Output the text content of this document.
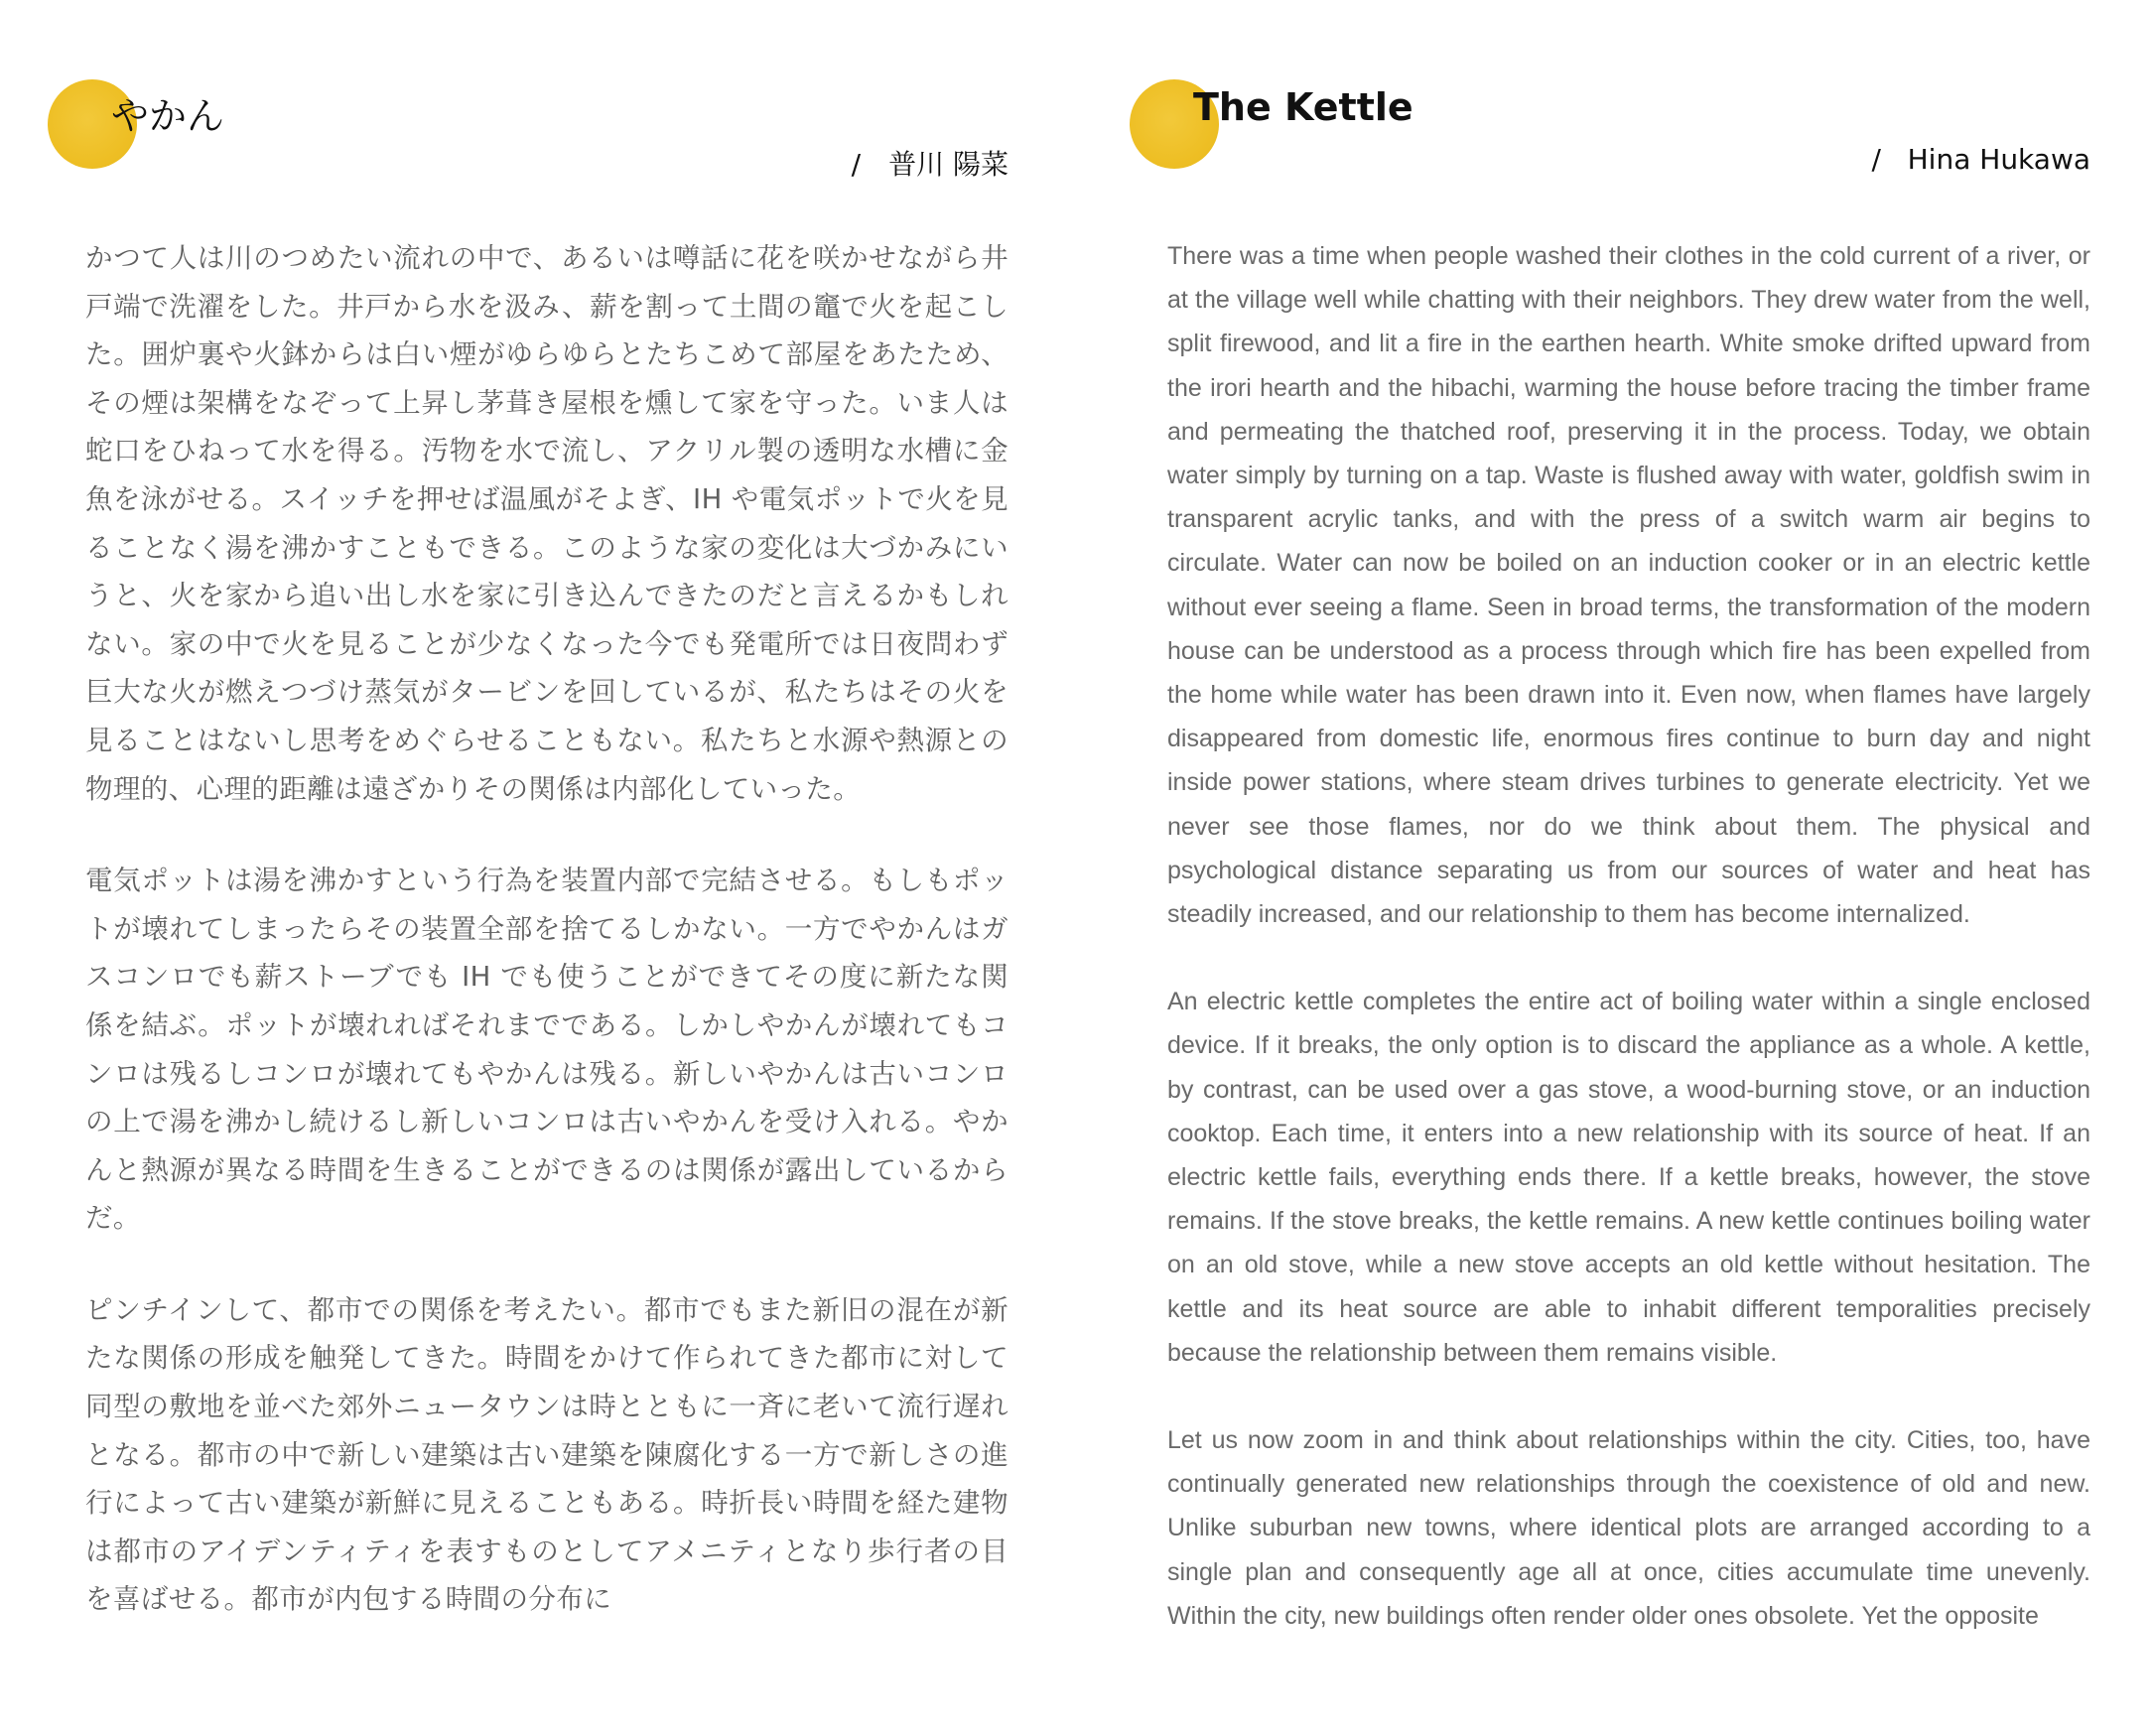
やかん
/　普川 陽菜

かつて人は川のつめたい流れの中で、あるいは噂話に花を咲かせながら井戸端で洗濯をした。井戸から水を汲み、薪を割って土間の竈で火を起こした。囲炉裏や火鉢からは白い煙がゆらゆらとたちこめて部屋をあたため、その煙は架構をなぞって上昇し茅葺き屋根を燻して家を守った。いま人は蛇口をひねって水を得る。汚物を水で流し、アクリル製の透明な水槽に金魚を泳がせる。スイッチを押せば温風がそよぎ、IH や電気ポットで火を見ることなく湯を沸かすこともできる。このような家の変化は大づかみにいうと、火を家から追い出し水を家に引き込んできたのだと言えるかもしれない。家の中で火を見ることが少なくなった今でも発電所では日夜問わず巨大な火が燃えつづけ蒸気がタービンを回しているが、私たちはその火を見ることはないし思考をめぐらせることもない。私たちと水源や熱源との物理的、心理的距離は遠ざかりその関係は内部化していった。

電気ポットは湯を沸かすという行為を装置内部で完結させる。もしもポットが壊れてしまったらその装置全部を捨てるしかない。一方でやかんはガスコンロでも薪ストーブでも IH でも使うことができてその度に新たな関係を結ぶ。ポットが壊れればそれまでである。しかしやかんが壊れてもコンロは残るしコンロが壊れてもやかんは残る。新しいやかんは古いコンロの上で湯を沸かし続けるし新しいコンロは古いやかんを受け入れる。やかんと熱源が異なる時間を生きることができるのは関係が露出しているからだ。

ピンチインして、都市での関係を考えたい。都市でもまた新旧の混在が新たな関係の形成を触発してきた。時間をかけて作られてきた都市に対して同型の敷地を並べた郊外ニュータウンは時とともに一斉に老いて流行遅れとなる。都市の中で新しい建築は古い建築を陳腐化する一方で新しさの進行によって古い建築が新鮮に見えることもある。時折長い時間を経た建物は都市のアイデンティティを表すものとしてアメニティとなり歩行者の目を喜ばせる。都市が内包する時間の分布に

The Kettle
/   Hina Hukawa

There was a time when people washed their clothes in the cold current of a river, or at the village well while chatting with their neighbors. They drew water from the well, split firewood, and lit a fire in the earthen hearth. White smoke drifted upward from the irori hearth and the hibachi, warming the house before tracing the timber frame and permeating the thatched roof, preserving it in the process. Today, we obtain water simply by turning on a tap. Waste is flushed away with water, goldfish swim in transparent acrylic tanks, and with the press of a switch warm air begins to circulate. Water can now be boiled on an induction cooker or in an electric kettle without ever seeing a flame. Seen in broad terms, the transformation of the modern house can be understood as a process through which fire has been expelled from the home while water has been drawn into it. Even now, when flames have largely disappeared from domestic life, enormous fires continue to burn day and night inside power stations, where steam drives turbines to generate electricity. Yet we never see those flames, nor do we think about them. The physical and psychological distance separating us from our sources of water and heat has steadily increased, and our relationship to them has become internalized.

An electric kettle completes the entire act of boiling water within a single enclosed device. If it breaks, the only option is to discard the appliance as a whole. A kettle, by contrast, can be used over a gas stove, a wood-burning stove, or an induction cooktop. Each time, it enters into a new relationship with its source of heat. If an electric kettle fails, everything ends there. If a kettle breaks, however, the stove remains. If the stove breaks, the kettle remains. A new kettle continues boiling water on an old stove, while a new stove accepts an old kettle without hesitation. The kettle and its heat source are able to inhabit different temporalities precisely because the relationship between them remains visible.

Let us now zoom in and think about relationships within the city. Cities, too, have continually generated new relationships through the coexistence of old and new. Unlike suburban new towns, where identical plots are arranged according to a single plan and consequently age all at once, cities accumulate time unevenly. Within the city, new buildings often render older ones obsolete. Yet the opposite
